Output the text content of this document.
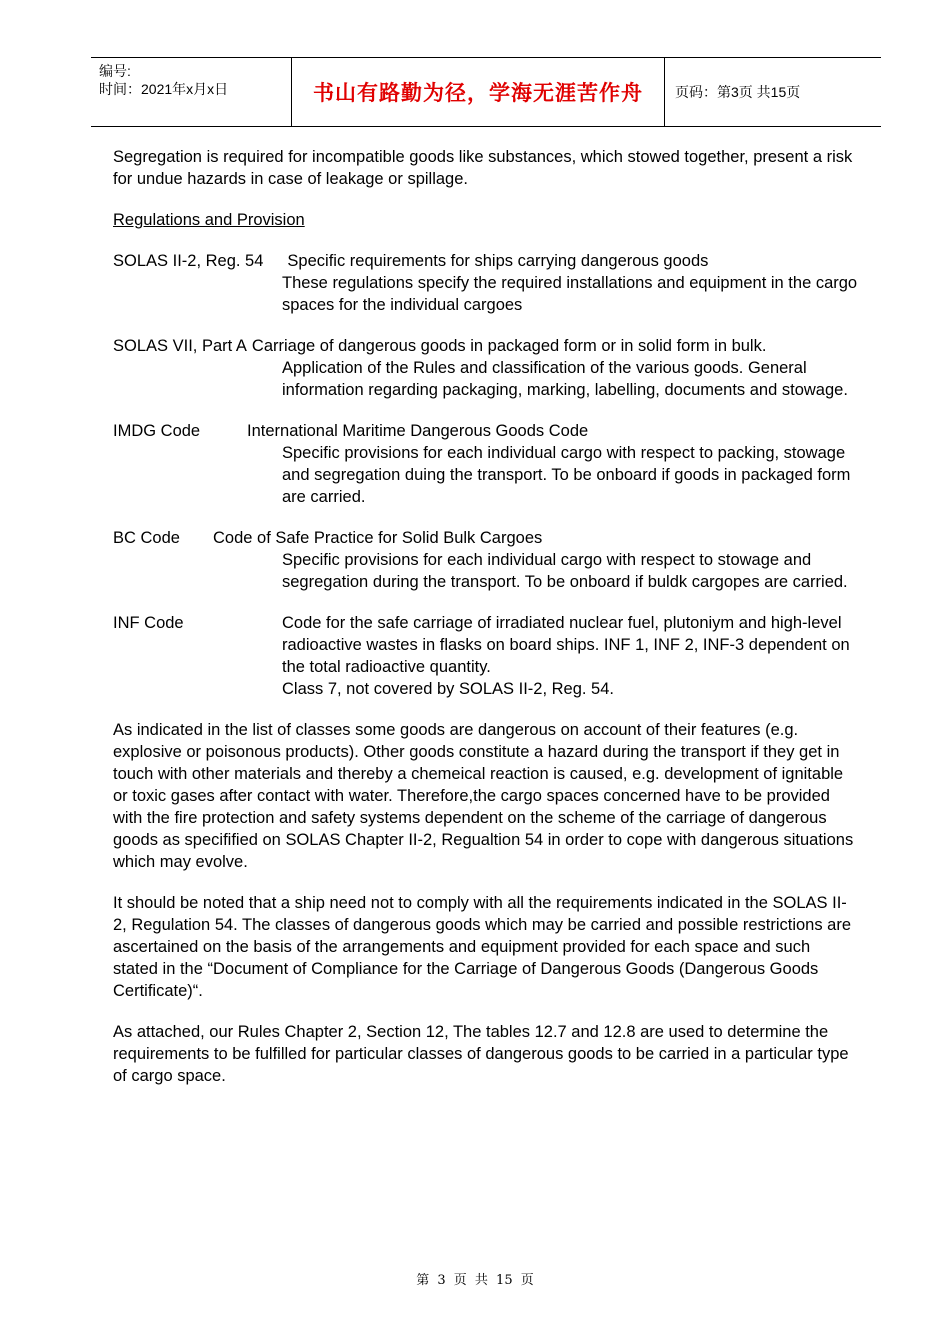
编号:
时间：2021年x月x日	书山有路勤为径，学海无涯苦作舟	页码：第3页 共15页

Segregation is required for incompatible goods like substances, which stowed together, present a risk for undue hazards in case of leakage or spillage.

Regulations and Provision

SOLAS II-2, Reg. 54 Specific requirements for ships carrying dangerous goods
These regulations specify the required installations and equipment in the cargo spaces for the individual cargoes
SOLAS VII, Part A Carriage of dangerous goods in packaged form or in solid form in bulk.
Application of the Rules and classification of the various goods. General information regarding packaging, marking, labelling, documents and stowage.
IMDG Code	International Maritime Dangerous Goods Code
Specific provisions for each individual cargo with respect to packing, stowage and segregation duing the transport. To be onboard if goods in packaged form are carried.
BC Code Code of Safe Practice for Solid Bulk Cargoes
Specific provisions for each individual cargo with respect to stowage and segregation during the transport. To be onboard if buldk cargopes are carried.
INF Code	Code for the safe carriage of irradiated nuclear fuel, plutoniym and high-level radioactive wastes in flasks on board ships. INF 1, INF 2, INF-3 dependent on the total radioactive quantity.
Class 7, not covered by SOLAS II-2, Reg. 54.

As indicated in the list of classes some goods are dangerous on account of their features (e.g. explosive or poisonous products). Other goods constitute a hazard during the transport if they get in touch with other materials and thereby a chemeical reaction is caused, e.g. development of ignitable or toxic gases after contact with water. Therefore,the cargo spaces concerned have to be provided with the fire protection and safety systems dependent on the scheme of the carriage of dangerous goods as specifified on SOLAS Chapter II-2, Regualtion 54 in order to cope with dangerous situations which may evolve.

It should be noted that a ship need not to comply with all the requirements indicated in the SOLAS II-2, Regulation 54. The classes of dangerous goods which may be carried and possible restrictions are ascertained on the basis of the arrangements and equipment provided for each space and such stated in the “Document of Compliance for the Carriage of Dangerous Goods (Dangerous Goods Certificate)“.

As attached, our Rules Chapter 2, Section 12, The tables 12.7 and 12.8 are used to determine the requirements to be fulfilled for particular classes of dangerous goods to be carried in a particular type of cargo space.

第 3 页 共 15 页
